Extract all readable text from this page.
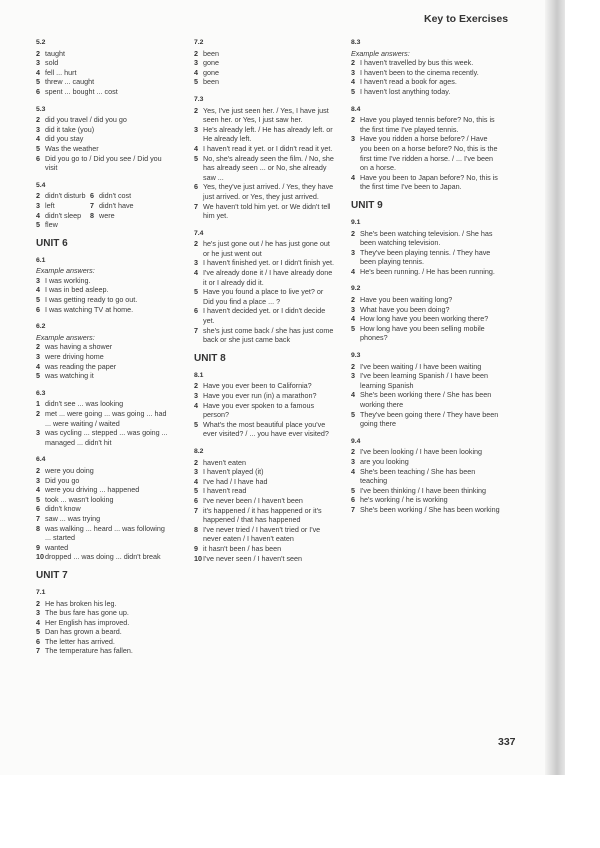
Key to Exercises
5.2
2 taught
3 sold
4 fell ... hurt
5 threw ... caught
6 spent ... bought ... cost
5.3
2 did you travel / did you go
3 did it take (you)
4 did you stay
5 Was the weather
6 Did you go to / Did you see / Did you visit
5.4
2 didn't disturb
3 left
4 didn't sleep
5 flew
6 didn't cost
7 didn't have
8 were
UNIT 6
6.1
Example answers:
3 I was working.
4 I was in bed asleep.
5 I was getting ready to go out.
6 I was watching TV at home.
6.2
Example answers:
2 was having a shower
3 were driving home
4 was reading the paper
5 was watching it
6.3
1 didn't see ... was looking
2 met ... were going ... was going ... had ... were waiting / waited
3 was cycling ... stepped ... was going ... managed ... didn't hit
6.4
2 were you doing
3 Did you go
4 were you driving ... happened
5 took ... wasn't looking
6 didn't know
7 saw ... was trying
8 was walking ... heard ... was following ... started
9 wanted
10 dropped ... was doing ... didn't break
UNIT 7
7.1
2 He has broken his leg.
3 The bus fare has gone up.
4 Her English has improved.
5 Dan has grown a beard.
6 The letter has arrived.
7 The temperature has fallen.
7.2
2 been
3 gone
4 gone
5 been
7.3
2 Yes, I've just seen her. / Yes, I have just seen her. or Yes, I just saw her.
3 He's already left. / He has already left. or He already left.
4 I haven't read it yet. or I didn't read it yet.
5 No, she's already seen the film. / No, she has already seen ... or No, she already saw ...
6 Yes, they've just arrived. / Yes, they have just arrived. or Yes, they just arrived.
7 We haven't told him yet. or We didn't tell him yet.
7.4
2 he's just gone out / he has just gone out or he just went out
3 I haven't finished yet. or I didn't finish yet.
4 I've already done it / I have already done it or I already did it.
5 Have you found a place to live yet? or Did you find a place ... ?
6 I haven't decided yet. or I didn't decide yet.
7 she's just come back / she has just come back or she just came back
UNIT 8
8.1
2 Have you ever been to California?
3 Have you ever run (in) a marathon?
4 Have you ever spoken to a famous person?
5 What's the most beautiful place you've ever visited? / ... you have ever visited?
8.2
2 haven't eaten
3 I haven't played (it)
4 I've had / I have had
5 I haven't read
6 I've never been / I haven't been
7 it's happened / it has happened or it's happened / that has happened
8 I've never tried / I haven't tried or I've never eaten / I haven't eaten
9 it hasn't been / has been
10 I've never seen / I haven't seen
8.3
Example answers:
2 I haven't travelled by bus this week.
3 I haven't been to the cinema recently.
4 I haven't read a book for ages.
5 I haven't lost anything today.
8.4
2 Have you played tennis before? No, this is the first time I've played tennis.
3 Have you ridden a horse before? / Have you been on a horse before? No, this is the first time I've ridden a horse. / ... I've been on a horse.
4 Have you been to Japan before? No, this is the first time I've been to Japan.
UNIT 9
9.1
2 She's been watching television. / She has been watching television.
3 They've been playing tennis. / They have been playing tennis.
4 He's been running. / He has been running.
9.2
2 Have you been waiting long?
3 What have you been doing?
4 How long have you been working there?
5 How long have you been selling mobile phones?
9.3
2 I've been waiting / I have been waiting
3 I've been learning Spanish / I have been learning Spanish
4 She's been working there / She has been working there
5 They've been going there / They have been going there
9.4
2 I've been looking / I have been looking
3 are you looking
4 She's been teaching / She has been teaching
5 I've been thinking / I have been thinking
6 he's working / he is working
7 She's been working / She has been working
337
